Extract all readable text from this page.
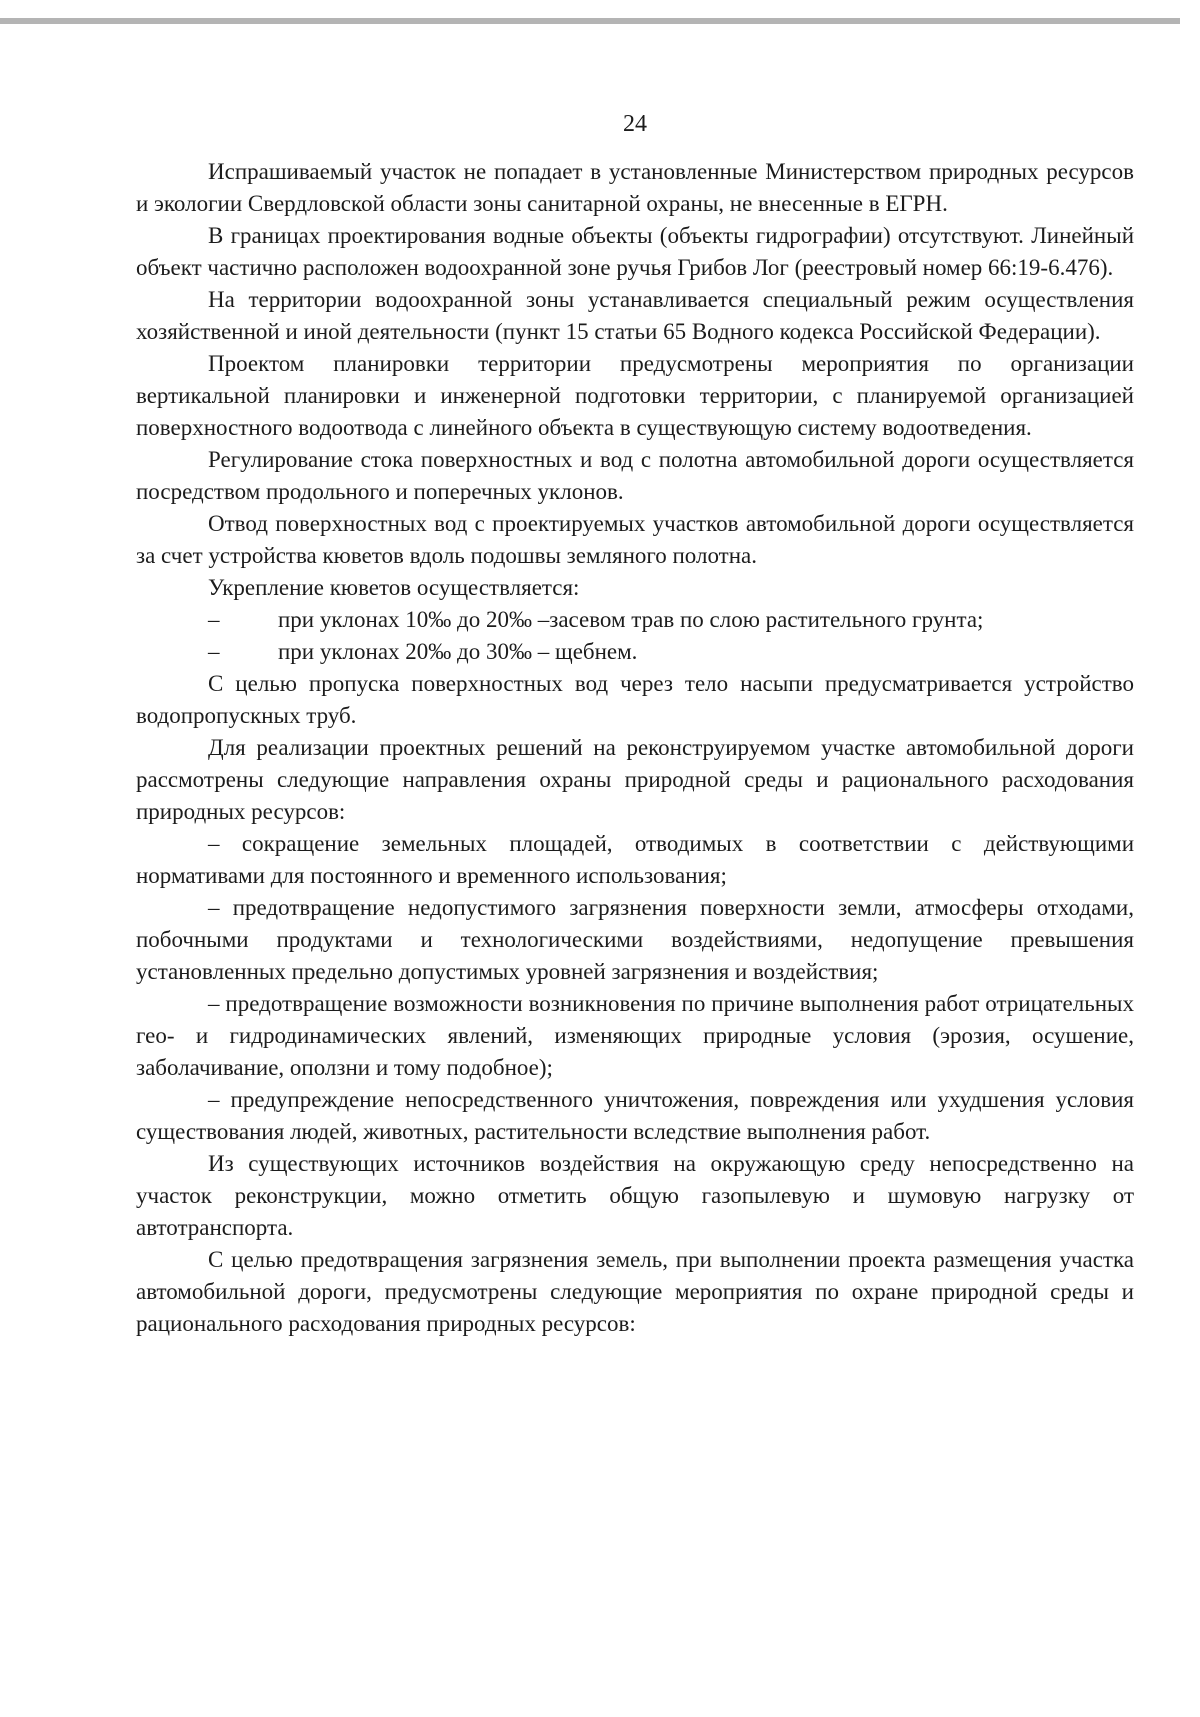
24

Испрашиваемый участок не попадает в установленные Министерством природных ресурсов и экологии Свердловской области зоны санитарной охраны, не внесенные в ЕГРН.

В границах проектирования водные объекты (объекты гидрографии) отсутствуют. Линейный объект частично расположен водоохранной зоне ручья Грибов Лог (реестровый номер 66:19-6.476).

На территории водоохранной зоны устанавливается специальный режим осуществления хозяйственной и иной деятельности (пункт 15 статьи 65 Водного кодекса Российской Федерации).

Проектом планировки территории предусмотрены мероприятия по организации вертикальной планировки и инженерной подготовки территории, с планируемой организацией поверхностного водоотвода с линейного объекта в существующую систему водоотведения.

Регулирование стока поверхностных и вод с полотна автомобильной дороги осуществляется посредством продольного и поперечных уклонов.

Отвод поверхностных вод с проектируемых участков автомобильной дороги осуществляется за счет устройства кюветов вдоль подошвы земляного полотна.

Укрепление кюветов осуществляется:

–	при уклонах 10‰ до 20‰ –засевом трав по слою растительного грунта;
–	при уклонах 20‰ до 30‰ – щебнем.

С целью пропуска поверхностных вод через тело насыпи предусматривается устройство водопропускных труб.

Для реализации проектных решений на реконструируемом участке автомобильной дороги рассмотрены следующие направления охраны природной среды и рационального расходования природных ресурсов:

– сокращение земельных площадей, отводимых в соответствии с действующими нормативами для постоянного и временного использования;

– предотвращение недопустимого загрязнения поверхности земли, атмосферы отходами, побочными продуктами и технологическими воздействиями, недопущение превышения установленных предельно допустимых уровней загрязнения и воздействия;

– предотвращение возможности возникновения по причине выполнения работ отрицательных гео- и гидродинамических явлений, изменяющих природные условия (эрозия, осушение, заболачивание, оползни и тому подобное);

– предупреждение непосредственного уничтожения, повреждения или ухудшения условия существования людей, животных, растительности вследствие выполнения работ.

Из существующих источников воздействия на окружающую среду непосредственно на участок реконструкции, можно отметить общую газопылевую и шумовую нагрузку от автотранспорта.

С целью предотвращения загрязнения земель, при выполнении проекта размещения участка автомобильной дороги, предусмотрены следующие мероприятия по охране природной среды и рационального расходования природных ресурсов:
